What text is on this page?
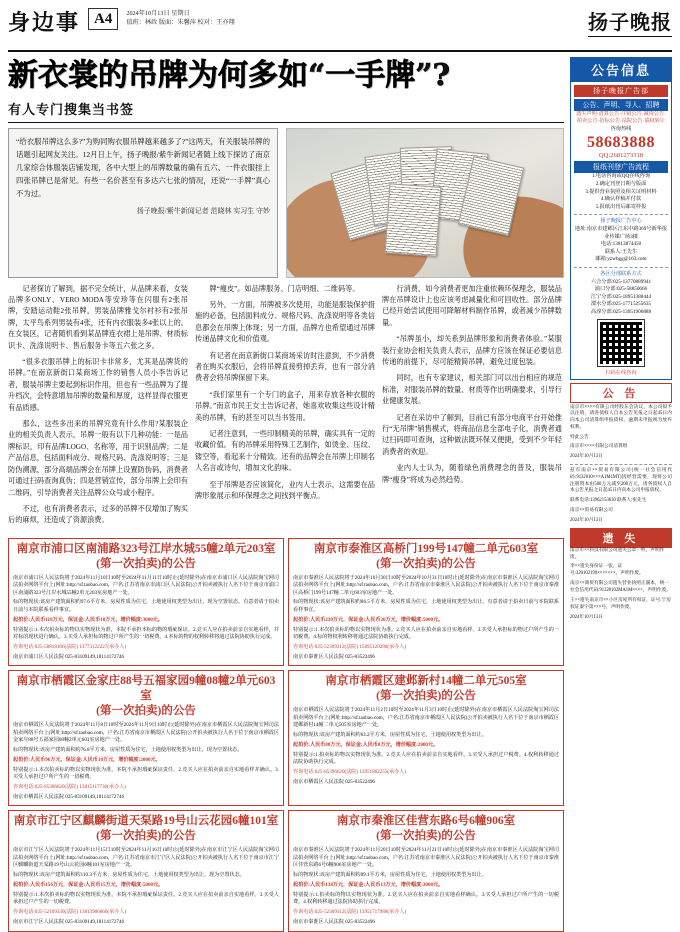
身边事 A4	2024年10月13日 星期日
值班：林政 版面：朱馨萍 校对：王亦翔	扬子晚报
新衣裳的吊牌为何多如“一手牌”?
有人专门搜集当书签
“给衣服吊牌这么多?”为购同购衣服吊牌越来越多了?”这两天，有关服装吊牌的话题引起网友关注。12月日上午，扬子晚报/紫牛新闻记者随上线下探访了南京几家综合体服装店铺发现，各中大型上的吊牌数量的确有五六、一件衣服挂上四张吊牌已是常见。有些一名价甚至有多达六七张的情况，还说“一手牌”真心不为过。
扬子晚报/紫牛新闻记者 范晓林 实习生 守妙

记者探访了解到，据不完全统计，从品牌来看，女装品牌多ONLY、VERO MODA等安珍等在闪服有2张吊牌，安踏运动鞋2张吊牌，男装品牌雅戈尔衬衫有2张吊牌，太平鸟系列男装有4张，还有内衣服装多4张以上的。在女装区，记者随机看到某品牌连衣裙上是吊牌、材质标识卡、洗涤说明卡、售后服务卡等五六张之多。

“很多衣服吊牌上的标识卡非常多，尤其是品牌货的吊牌。”在南京新街口某商场工作的销售人员小李告诉记者，服装吊牌主要起到标识作用，但也有一些品牌为了提升档次，会特意增加吊牌的数量和厚度，这样显得衣服更有品质感。

那么，这些多出来的吊牌究竟有什么作用?某服装企业的相关负责人表示，吊牌一般有以下几种功能：一是品牌标识，印有品牌LOGO、名称等，用于识别品牌；二是产品信息，包括面料成分、规格尺码、洗涤说明等；三是防伪溯源，部分高端品牌会在吊牌上设置防伪码，消费者可通过扫码查询真伪；四是营销宣传，部分吊牌上会印有二维码，引导消费者关注品牌公众号或小程序。

不过，也有消费者表示，过多的吊牌不仅增加了购买后的麻烦，还造成了资源浪费。

牌“瘦皮”。如品牌服务、门店明细、二维码等。

另外，一方面，吊牌被多次使用，功能是服装保护措施的必备，包括面料成分、规格尺码、洗涤说明等各类信息都会在吊牌上体现；另一方面，品牌方也希望通过吊牌传递品牌文化和价值观。

有记者在南京新街口某商场采访时注意到，不少消费者在购买衣服后，会将吊牌直接剪掉丢弃，也有一部分消费者会将吊牌保留下来。

“我们家里有一个专门的盒子，用来存放各种衣服的吊牌。”南京市民王女士告诉记者，她喜欢收集这些设计精美的吊牌，有的甚至可以当书签用。

记者注意到，一些印制精美的吊牌，确实具有一定的收藏价值。有的吊牌采用特殊工艺制作，如烫金、压纹、镂空等，看起来十分精致。还有的品牌会在吊牌上印制名人名言或诗句，增加文化韵味。

至于吊牌是否应该简化，业内人士表示，这需要在品牌形象展示和环保理念之间找到平衡点。

行消费，如今消费者更加注重依赖环保理念，服装品牌在吊牌设计上也应该考虑减量化和可回收性。部分品牌已经开始尝试使用可降解材料制作吊牌，或者减少吊牌数量。

“吊牌虽小，却关系到品牌形象和消费者体验。”某服装行业协会相关负责人表示，品牌方应该在保证必要信息传递的前提下，尽可能精简吊牌，避免过度包装。

同时，也有专家建议，相关部门可以出台相应的规范标准，对服装吊牌的数量、材质等作出明确要求，引导行业健康发展。

记者在采访中了解到，目前已有部分电商平台开始推行“无吊牌”销售模式，将商品信息全部电子化，消费者通过扫码即可查询，这种做法既环保又便捷，受到不少年轻消费者的欢迎。

业内人士认为，随着绿色消费理念的普及，服装吊牌“瘦身”将成为必然趋势。

南京市浦口区南浦路323号江岸水城55幢2单元203室
(第一次拍卖)的公告

南京市浦口区人民法院将于2024年11月10日10时至2024年11月11日10时止(延时除外)在南京市浦口区人民法院淘宝网司法拍卖网络平台上(网址:http://sf.taobao.com，户名:江苏省南京市浦口区人民法院)公开拍卖被执行人名下位于南京市浦口区南浦路323号江岸水城55幢2单元203室房地产一处。

标的物现状:该房产建筑面积约97.6平方米，房屋性质为住宅，土地使用权类型为出让，现为空置状态。有意者请于拍卖日前与本院联系看样事宜。

起拍价:人民币118万元，保证金:人民币10万元，增价幅度:3000元。

特别提示:1.本次拍卖标的物以实物现状为准，本院不承担本标的物的瑕疵保证。2.竞买人应在拍卖前亲自实地看样，并对标的现状进行确认。3.买受人承担标的物过户所产生的一切税费。4.本标的物的权利转移将通过法院协助执行完成。

咨询电话:025-58818166(法院) 13773122227(承办人)

南京市浦口区人民法院 025-83109149,18114172746
南京市泰淮区高桥门199号147幢二单元603室
(第一次拍卖)的公告

南京市秦淮区人民法院将于2024年10月30日10时至2024年10月31日10时止(延时除外)在南京市秦淮区人民法院淘宝网司法拍卖网络平台上(网址:http://sf.taobao.com，户名:江苏省南京市秦淮区人民法院)公开拍卖被执行人名下位于南京市秦淮区高桥门199号147幢二单元603室房地产一处。

标的物现状:该房产建筑面积约86.5平方米，房屋性质为住宅，土地使用权类型为出让。有意者请于拍卖日前与本院联系看样事宜。

起拍价:人民币230万元，保证金:人民币20万元，增价幅度:5000元。

特别提示:1.本次拍卖标的物以实物现状为准。2.竞买人应在拍卖前亲自实地看样。3.买受人承担标的物过户所产生的一切税费。4.标的物权利转移将通过法院协助执行完成。

咨询电话:025-52309312(法院) 15895120288(承办人)

南京市秦淮区人民法院 025-83522496
南京市栖霞区金家庄88号五福家园9幢08幢2单元603室
(第一次拍卖)的公告

南京市栖霞区人民法院将于2024年11月8日10时至2024年11月9日10时止(延时除外)在南京市栖霞区人民法院淘宝网司法拍卖网络平台上(网址:http://sf.taobao.com，户名:江苏省南京市栖霞区人民法院)公开拍卖被执行人名下位于南京市栖霞区金家庄88号五福家园08幢2单元603室房地产一处。

标的物现状:该房产建筑面积约76.8平方米，房屋性质为住宅，土地使用权类型为出让，现为空置状态。

起拍价:人民币96万元，保证金:人民币10万元，增价幅度:2000元。

特别提示:1.本次拍卖标的物以实物现状为准，本院不承担瑕疵保证责任。2.竞买人应在拍卖前亲自实地看样并确认。3.买受人承担过户所产生的一切税费。

咨询电话:025-85396620(法院) 13815117736(承办人)

南京市栖霞区人民法院 025-83109149,18114172746
南京市栖霞区建邺新村14幢二单元505室
(第一次拍卖)的公告

南京市栖霞区人民法院将于2024年11月2日10时至2024年11月3日10时止(延时除外)在南京市栖霞区人民法院淘宝网司法拍卖网络平台上(网址:http://sf.taobao.com，户名:江苏省南京市栖霞区人民法院)公开拍卖被执行人名下位于南京市栖霞区建邺新村14幢二单元505室房地产一处。

标的物现状:该房产建筑面积约63.2平方米，房屋性质为住宅，土地使用权类型为出让。

起拍价:人民币88万元，保证金:人民币8万元，增价幅度:2000元。

特别提示:1.拍卖标的物以实物现状为准。2.竞买人应在拍卖前亲自实地看样。3.买受人承担过户税费。4.权利转移通过法院协助执行完成。

咨询电话:025-85396620(法院) 13951862255(承办人)

南京市栖霞区人民法院 025-83522496
南京市江宁区麒麟街道天䂞路19号山云花园6幢101室
(第一次拍卖)的公告

南京市江宁区人民法院将于2024年11月15日10时至2024年11月16日10时止(延时除外)在南京市江宁区人民法院淘宝网司法拍卖网络平台上(网址:http://sf.taobao.com，户名:江苏省南京市江宁区人民法院)公开拍卖被执行人名下位于南京市江宁区麒麟街道天䂞路19号山云花园6幢101室房地产一处。

标的物现状:该房产建筑面积约110.3平方米，房屋性质为住宅，土地使用权类型为出让，现为空置状态。

起拍价:人民币156万元，保证金:人民币15万元，增价幅度:5000元。

特别提示:1.本次拍卖标的物以实物现状为准，本院不承担瑕疵保证责任。2.竞买人应在拍卖前亲自实地看样。3.买受人承担过户产生的一切税费。

咨询电话:025-52109330(法院) 13813906666(承办人)

南京市江宁区人民法院 025-83109149,18114172746
南京市秦淮区佳营东路6号6幢906室
(第一次拍卖)的公告

南京市秦淮区人民法院将于2024年11月20日10时至2024年11月21日10时止(延时除外)在南京市秦淮区人民法院淘宝网司法拍卖网络平台上(网址:http://sf.taobao.com，户名:江苏省南京市秦淮区人民法院)公开拍卖被执行人名下位于南京市秦淮区佳营东路6号6幢906室房地产一处。

标的物现状:该房产建筑面积约89.1平方米，房屋性质为住宅，土地使用权类型为出让。

起拍价:人民币138万元，保证金:人民币13万元，增价幅度:3000元。

特别提示:1.拍卖标的物以实物现状为准。2.竞买人应在拍卖前亲自实地看样确认。3.买受人承担过户所产生的一切税费。4.权利转移通过法院协助执行完成。

咨询电话:025-52309312(法院) 13951717988(承办人)

南京市秦淮区人民法院 025-83522496
公告信息
扬子晚报广告部
公告、声明、寻人、招聘
遗失声明·清算公告·注销公告·减资公告·拍卖公告·招标公告·法院公告·债权转让
咨询热线
58683888
QQ:2681273318
报纸刊登广告流程
1.电话咨询或QQ在线咨询
2.确定刊登日期与版面
3.提供营业执照及相关证明材料
4.确认样稿并付款
5.报纸出刊后邮寄样报
扬子晚报广告中心
地址:南京市建邺区江东中路369号新华报业传媒广场3楼
电话:13813874450
联系人:王先生
邮箱:yzwbgg@163.com
各区分部联系方式
六合分部:025-13770889941
浦口分部:025-58850666
江宁分部:025-18951388444
溧水分部:025-17715255635
高淳分部:025-13951906888
扫码在线咨询
公 告

南京市××××有限公司经股东会决议，本公司拟予以注销，请各债权人自本公告见报之日起45日内向本公司清算组申报债权，逾期未申报视为放弃权利。

特此公告

南京市××××有限公司清算组

2024年10月13日

兹有南京××贸易有限公司(统一社会信用代码:9132010×××A1M1MT)因经营需要，现将公司注册资本由500万元减至200万元，请各债权人自本公告见报之日起45日内向本公司申报债权。

联系电话:13962153630 联系人:张先生

南京××贸易有限公司

2024年10月13日

遗 失

南京市××科技有限公司遗失公章一枚，声明作废。

李××遗失身份证一张，证号:320102199×××××××，声明作废。

南京××商贸有限公司遗失营业执照正副本，统一社会信用代码:91320102MA1M××××，声明作废。

王××遗失南京市××小区房屋所有权证，证号:宁房权证秦字第×××号，声明作废。

2024年10月13日
